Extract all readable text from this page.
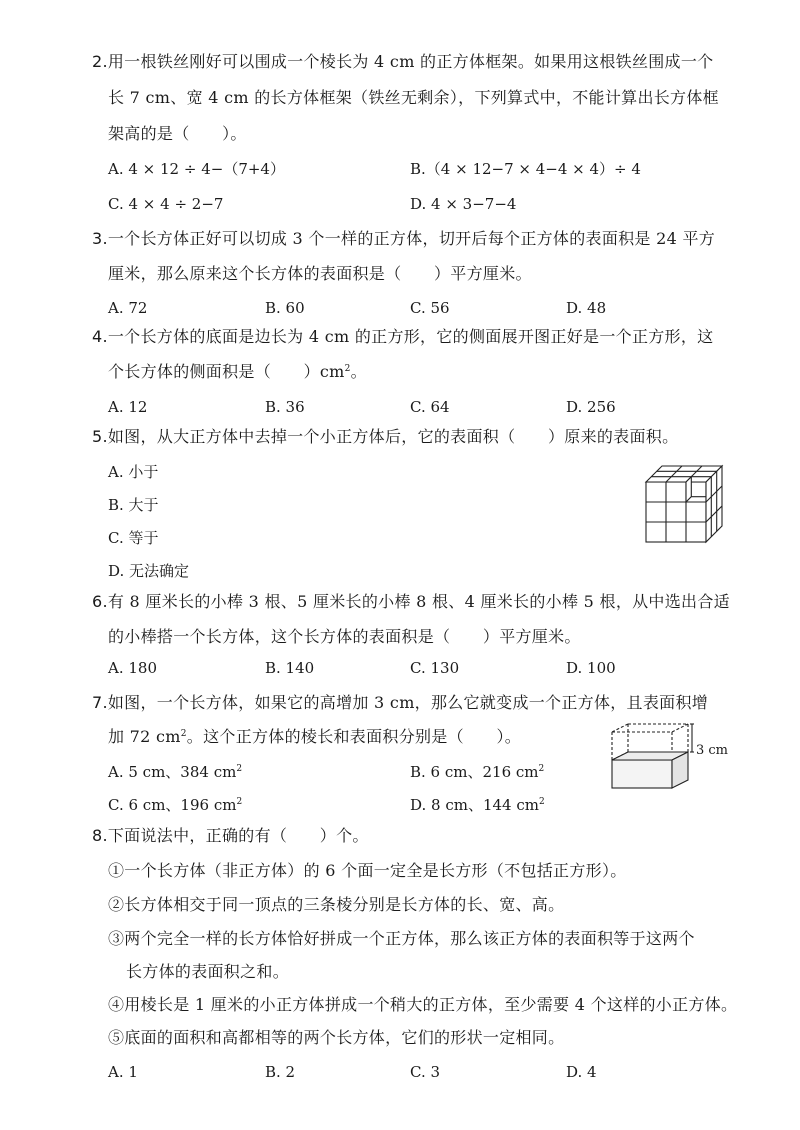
2.用一根铁丝刚好可以围成一个棱长为 4 cm 的正方体框架。如果用这根铁丝围成一个
长 7 cm、宽 4 cm 的长方体框架（铁丝无剩余），下列算式中，不能计算出长方体框
架高的是（　　）。
A. 4 × 12 ÷ 4−（7+4）	B.（4 × 12−7 × 4−4 × 4）÷ 4
C. 4 × 4 ÷ 2−7	D. 4 × 3−7−4
3.一个长方体正好可以切成 3 个一样的正方体，切开后每个正方体的表面积是 24 平方
厘米，那么原来这个长方体的表面积是（　　）平方厘米。
A. 72	B. 60	C. 56	D. 48
4.一个长方体的底面是边长为 4 cm 的正方形，它的侧面展开图正好是一个正方形，这
个长方体的侧面积是（　　）$cm^2$。
A. 12	B. 36	C. 64	D. 256
5.如图，从大正方体中去掉一个小正方体后，它的表面积（　　）原来的表面积。
A. 小于
B. 大于
C. 等于
D. 无法确定
6.有 8 厘米长的小棒 3 根、5 厘米长的小棒 8 根、4 厘米长的小棒 5 根，从中选出合适
的小棒搭一个长方体，这个长方体的表面积是（　　）平方厘米。
A. 180	B. 140	C. 130	D. 100
7.如图，一个长方体，如果它的高增加 3 cm，那么它就变成一个正方体，且表面积增
加 72 $cm^2$。这个正方体的棱长和表面积分别是（　　）。
A. 5 cm、384 $cm^2$	B. 6 cm、216 $cm^2$
C. 6 cm、196 $cm^2$	D. 8 cm、144 $cm^2$
3 cm
8.下面说法中，正确的有（　　）个。
①一个长方体（非正方体）的 6 个面一定全是长方形（不包括正方形）。
②长方体相交于同一顶点的三条棱分别是长方体的长、宽、高。
③两个完全一样的长方体恰好拼成一个正方体，那么该正方体的表面积等于这两个
长方体的表面积之和。
④用棱长是 1 厘米的小正方体拼成一个稍大的正方体，至少需要 4 个这样的小正方体。
⑤底面的面积和高都相等的两个长方体，它们的形状一定相同。
A. 1	B. 2	C. 3	D. 4
